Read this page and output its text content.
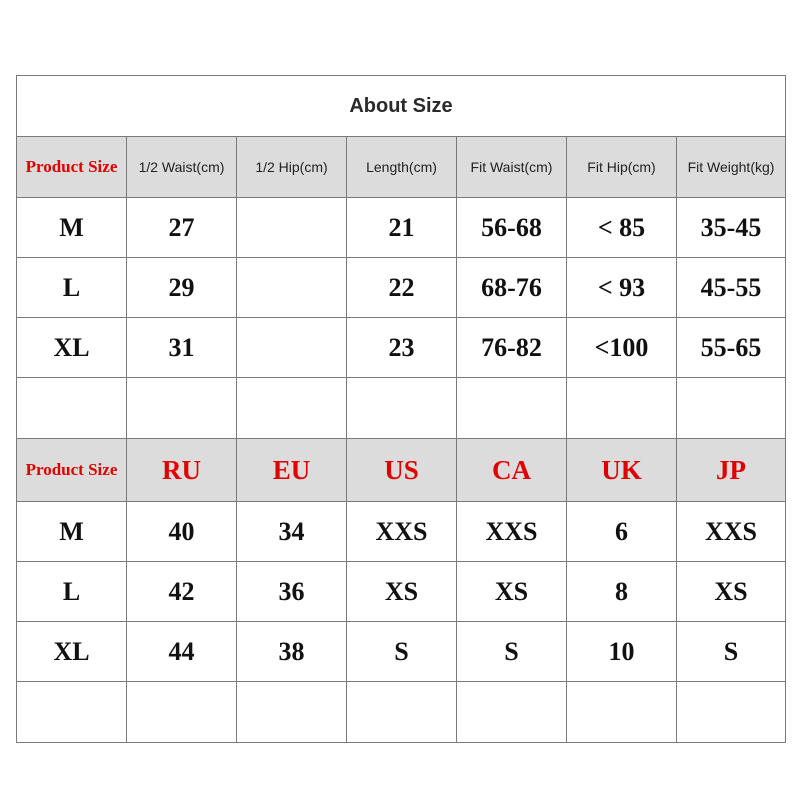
About Size						
Product Size	1/2 Waist(cm)	1/2 Hip(cm)	Length(cm)	Fit Waist(cm)	Fit Hip(cm)	Fit Weight(kg)
M	27		21	56-68	< 85	35-45
L	29		22	68-76	< 93	45-55
XL	31		23	76-82	<100	55-65

Product Size	RU	EU	US	CA	UK	JP
M	40	34	XXS	XXS	6	XXS
L	42	36	XS	XS	8	XS
XL	44	38	S	S	10	S
